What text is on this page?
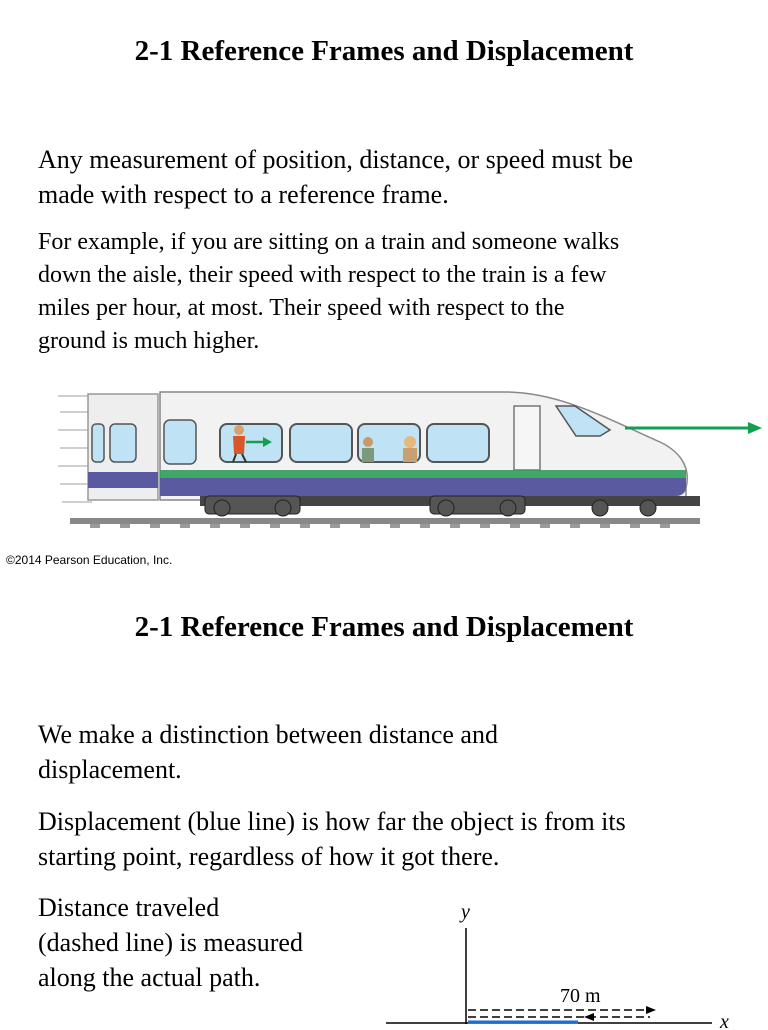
2-1 Reference Frames and Displacement
Any measurement of position, distance, or speed must be
made with respect to a reference frame.
For example, if you are sitting on a train and someone walks
down the aisle, their speed with respect to the train is a few
miles per hour, at most. Their speed with respect to the
ground is much higher.
©2014 Pearson Education, Inc.
2-1 Reference Frames and Displacement
We make a distinction between distance and
displacement.
Displacement (blue line) is how far the object is from its
starting point, regardless of how it got there.
Distance traveled
(dashed line) is measured
along the actual path.
y
x
70 m
